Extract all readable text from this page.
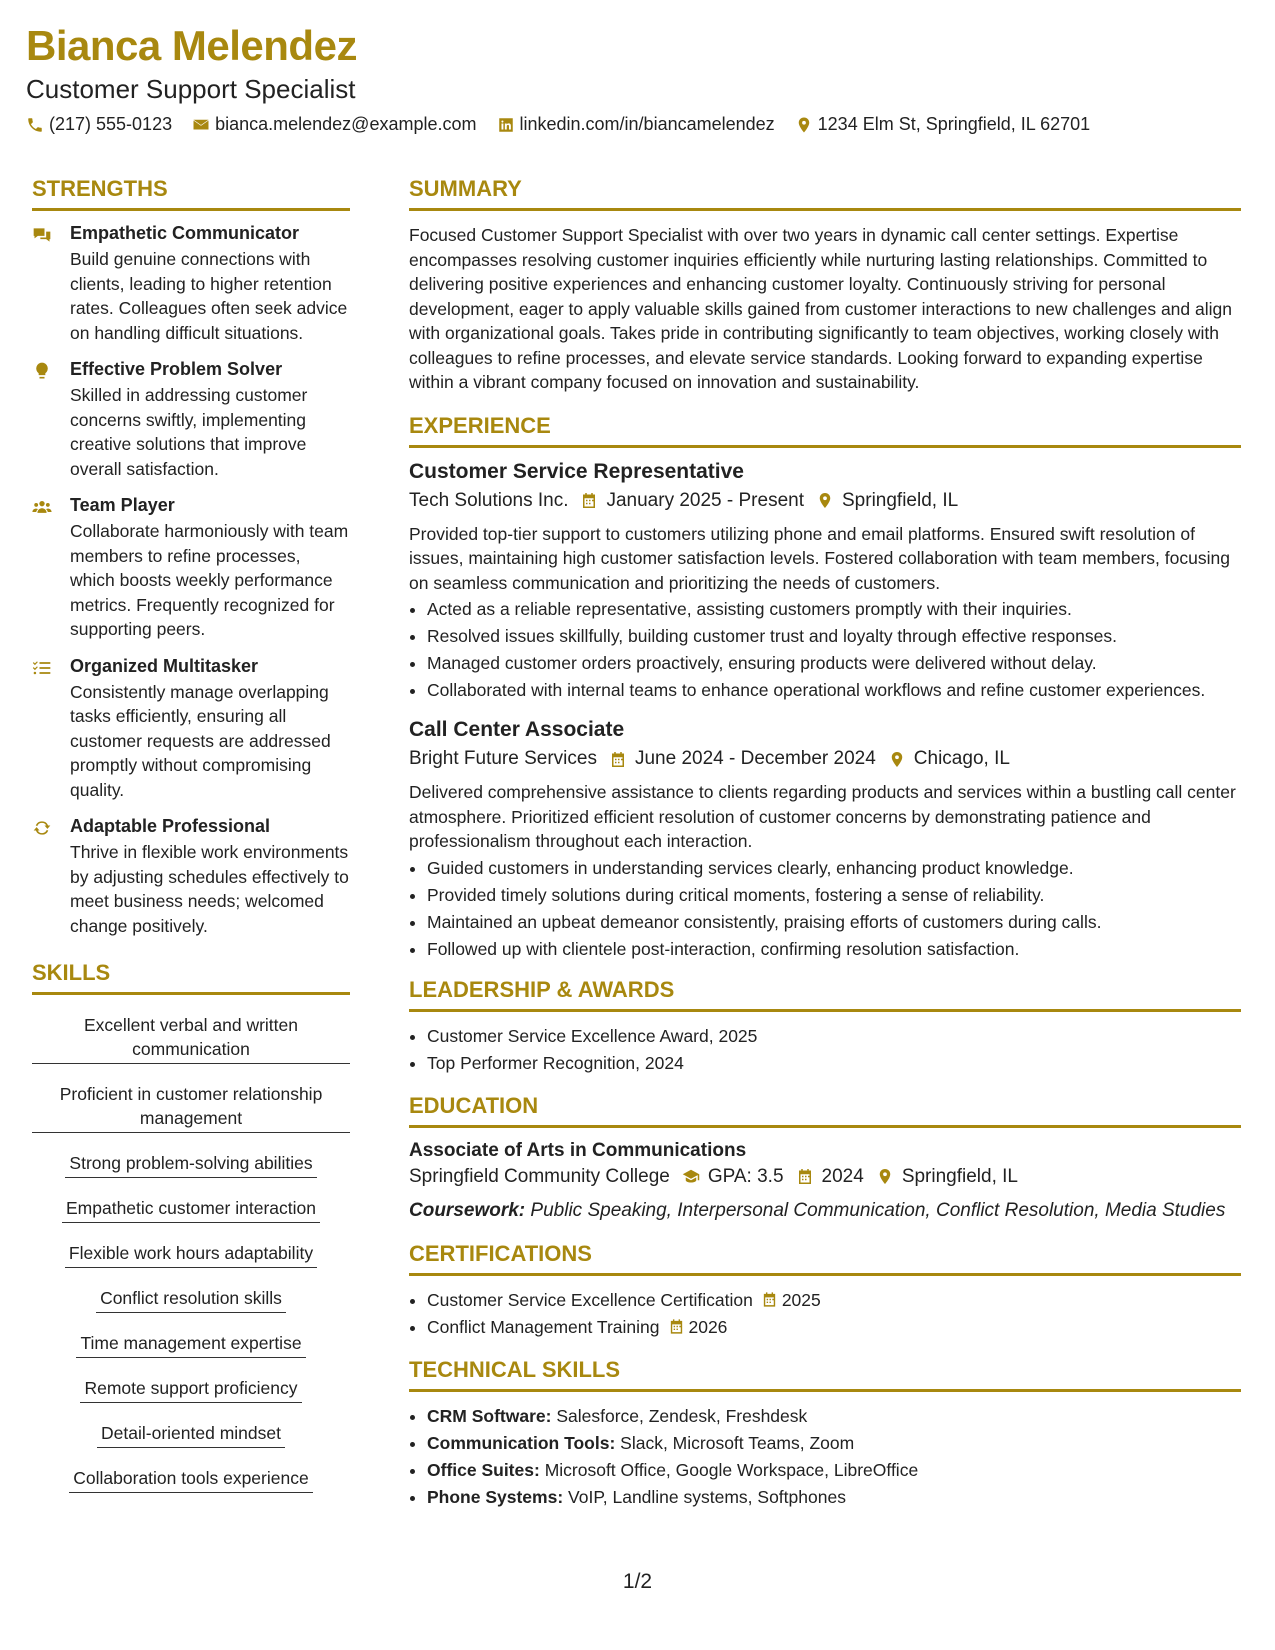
Bianca Melendez
Customer Support Specialist
(217) 555-0123 bianca.melendez@example.com linkedin.com/in/biancamelendez 1234 Elm St, Springfield, IL 62701
STRENGTHS
Empathetic Communicator
Build genuine connections with clients, leading to higher retention rates. Colleagues often seek advice on handling difficult situations.
Effective Problem Solver
Skilled in addressing customer concerns swiftly, implementing creative solutions that improve overall satisfaction.
Team Player
Collaborate harmoniously with team members to refine processes, which boosts weekly performance metrics. Frequently recognized for supporting peers.
Organized Multitasker
Consistently manage overlapping tasks efficiently, ensuring all customer requests are addressed promptly without compromising quality.
Adaptable Professional
Thrive in flexible work environments by adjusting schedules effectively to meet business needs; welcomed change positively.
SKILLS
Excellent verbal and written communication
Proficient in customer relationship management
Strong problem-solving abilities
Empathetic customer interaction
Flexible work hours adaptability
Conflict resolution skills
Time management expertise
Remote support proficiency
Detail-oriented mindset
Collaboration tools experience
SUMMARY
Focused Customer Support Specialist with over two years in dynamic call center settings. Expertise encompasses resolving customer inquiries efficiently while nurturing lasting relationships. Committed to delivering positive experiences and enhancing customer loyalty. Continuously striving for personal development, eager to apply valuable skills gained from customer interactions to new challenges and align with organizational goals. Takes pride in contributing significantly to team objectives, working closely with colleagues to refine processes, and elevate service standards. Looking forward to expanding expertise within a vibrant company focused on innovation and sustainability.
EXPERIENCE
Customer Service Representative
Tech Solutions Inc. January 2025 - Present Springfield, IL
Provided top-tier support to customers utilizing phone and email platforms. Ensured swift resolution of issues, maintaining high customer satisfaction levels. Fostered collaboration with team members, focusing on seamless communication and prioritizing the needs of customers.
• Acted as a reliable representative, assisting customers promptly with their inquiries.
• Resolved issues skillfully, building customer trust and loyalty through effective responses.
• Managed customer orders proactively, ensuring products were delivered without delay.
• Collaborated with internal teams to enhance operational workflows and refine customer experiences.
Call Center Associate
Bright Future Services June 2024 - December 2024 Chicago, IL
Delivered comprehensive assistance to clients regarding products and services within a bustling call center atmosphere. Prioritized efficient resolution of customer concerns by demonstrating patience and professionalism throughout each interaction.
• Guided customers in understanding services clearly, enhancing product knowledge.
• Provided timely solutions during critical moments, fostering a sense of reliability.
• Maintained an upbeat demeanor consistently, praising efforts of customers during calls.
• Followed up with clientele post-interaction, confirming resolution satisfaction.
LEADERSHIP & AWARDS
• Customer Service Excellence Award, 2025
• Top Performer Recognition, 2024
EDUCATION
Associate of Arts in Communications
Springfield Community College GPA: 3.5 2024 Springfield, IL
Coursework: Public Speaking, Interpersonal Communication, Conflict Resolution, Media Studies
CERTIFICATIONS
• Customer Service Excellence Certification 2025
• Conflict Management Training 2026
TECHNICAL SKILLS
• CRM Software: Salesforce, Zendesk, Freshdesk
• Communication Tools: Slack, Microsoft Teams, Zoom
• Office Suites: Microsoft Office, Google Workspace, LibreOffice
• Phone Systems: VoIP, Landline systems, Softphones
1/2
